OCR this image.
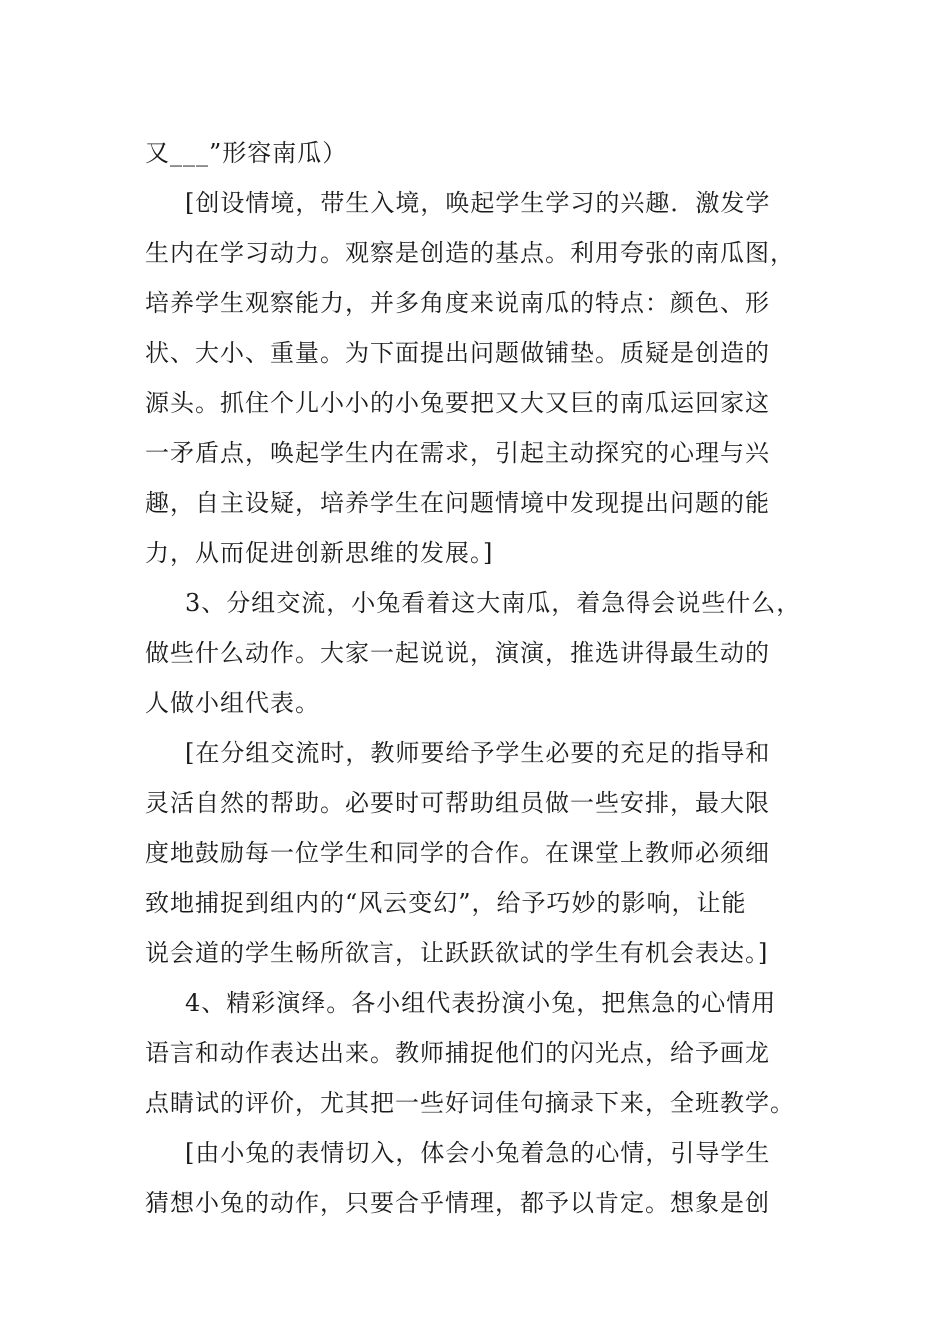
又___”形容南瓜）
[创设情境，带生入境，唤起学生学习的兴趣．激发学
生内在学习动力。观察是创造的基点。利用夸张的南瓜图，
培养学生观察能力，并多角度来说南瓜的特点：颜色、形
状、大小、重量。为下面提出问题做铺垫。质疑是创造的
源头。抓住个儿小小的小兔要把又大又巨的南瓜运回家这
一矛盾点，唤起学生内在需求，引起主动探究的心理与兴
趣，自主设疑，培养学生在问题情境中发现提出问题的能
力，从而促进创新思维的发展。]
3、分组交流，小兔看着这大南瓜，着急得会说些什么，
做些什么动作。大家一起说说，演演，推选讲得最生动的
人做小组代表。
[在分组交流时，教师要给予学生必要的充足的指导和
灵活自然的帮助。必要时可帮助组员做一些安排，最大限
度地鼓励每一位学生和同学的合作。在课堂上教师必须细
致地捕捉到组内的“风云变幻”，给予巧妙的影响，让能
说会道的学生畅所欲言，让跃跃欲试的学生有机会表达。]
4、精彩演绎。各小组代表扮演小兔，把焦急的心情用
语言和动作表达出来。教师捕捉他们的闪光点，给予画龙
点睛试的评价，尤其把一些好词佳句摘录下来，全班教学。
[由小兔的表情切入，体会小兔着急的心情，引导学生
猜想小兔的动作，只要合乎情理，都予以肯定。想象是创
